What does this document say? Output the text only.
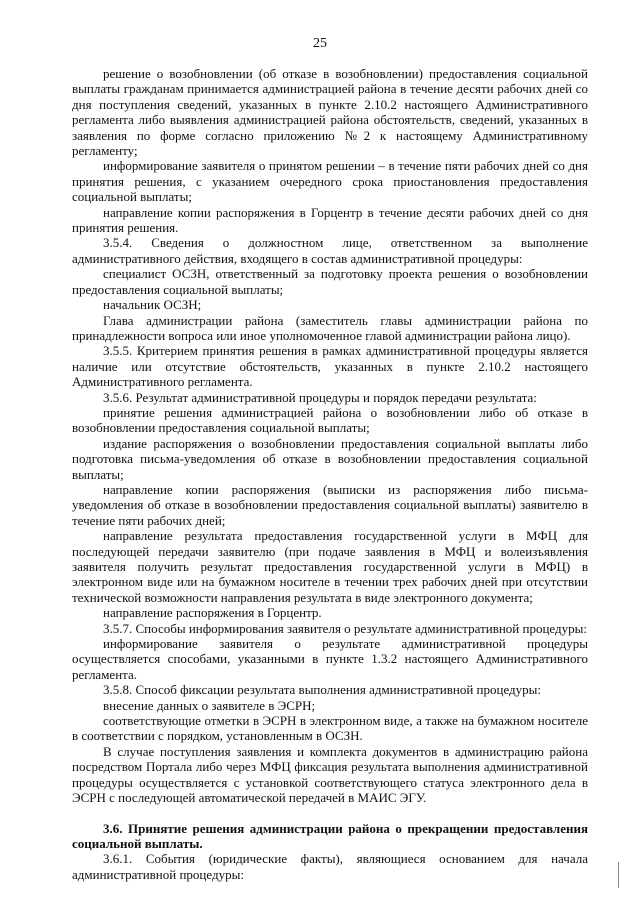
25

решение о возобновлении (об отказе в возобновлении) предоставления социальной выплаты гражданам принимается администрацией района в течение десяти рабочих дней со дня поступления сведений, указанных в пункте 2.10.2 настоящего Административного регламента либо выявления администрацией района обстоятельств, сведений, указанных в заявления по форме согласно приложению №2 к настоящему Административному регламенту;

информирование заявителя о принятом решении – в течение пяти рабочих дней со дня принятия решения, с указанием очередного срока приостановления предоставления социальной выплаты;

направление копии распоряжения в Горцентр в течение десяти рабочих дней со дня принятия решения.

3.5.4. Сведения о должностном лице, ответственном за выполнение административного действия, входящего в состав административной процедуры:

специалист ОСЗН, ответственный за подготовку проекта решения о возобновлении предоставления социальной выплаты;

начальник ОСЗН;

Глава администрации района (заместитель главы администрации района по принадлежности вопроса или иное уполномоченное главой администрации района лицо).

3.5.5. Критерием принятия решения в рамках административной процедуры является наличие или отсутствие обстоятельств, указанных в пункте 2.10.2 настоящего Административного регламента.

3.5.6. Результат административной процедуры и порядок передачи результата:

принятие решения администрацией района о возобновлении либо об отказе в возобновлении предоставления социальной выплаты;

издание распоряжения о возобновлении предоставления социальной выплаты либо подготовка письма-уведомления об отказе в возобновлении предоставления социальной выплаты;

направление копии распоряжения (выписки из распоряжения либо письма-уведомления об отказе в возобновлении предоставления социальной выплаты) заявителю в течение пяти рабочих дней;

направление результата предоставления государственной услуги в МФЦ для последующей передачи заявителю (при подаче заявления в МФЦ и волеизъявления заявителя получить результат предоставления государственной услуги в МФЦ) в электронном виде или на бумажном носителе в течении трех рабочих дней при отсутствии технической возможности направления результата в виде электронного документа;

направление распоряжения в Горцентр.

3.5.7. Способы информирования заявителя о результате административной процедуры:

информирование заявителя о результате административной процедуры осуществляется способами, указанными в пункте 1.3.2 настоящего Административного регламента.

3.5.8. Способ фиксации результата выполнения административной процедуры:

внесение данных о заявителе в ЭСРН;

соответствующие отметки в ЭСРН в электронном виде, а также на бумажном носителе в соответствии с порядком, установленным в ОСЗН.

В случае поступления заявления и комплекта документов в администрацию района посредством Портала либо через МФЦ фиксация результата выполнения административной процедуры осуществляется с установкой соответствующего статуса электронного дела в ЭСРН с последующей автоматической передачей в МАИС ЭГУ.

3.6. Принятие решения администрации района о прекращении предоставления социальной выплаты.

3.6.1. События (юридические факты), являющиеся основанием для начала административной процедуры:
